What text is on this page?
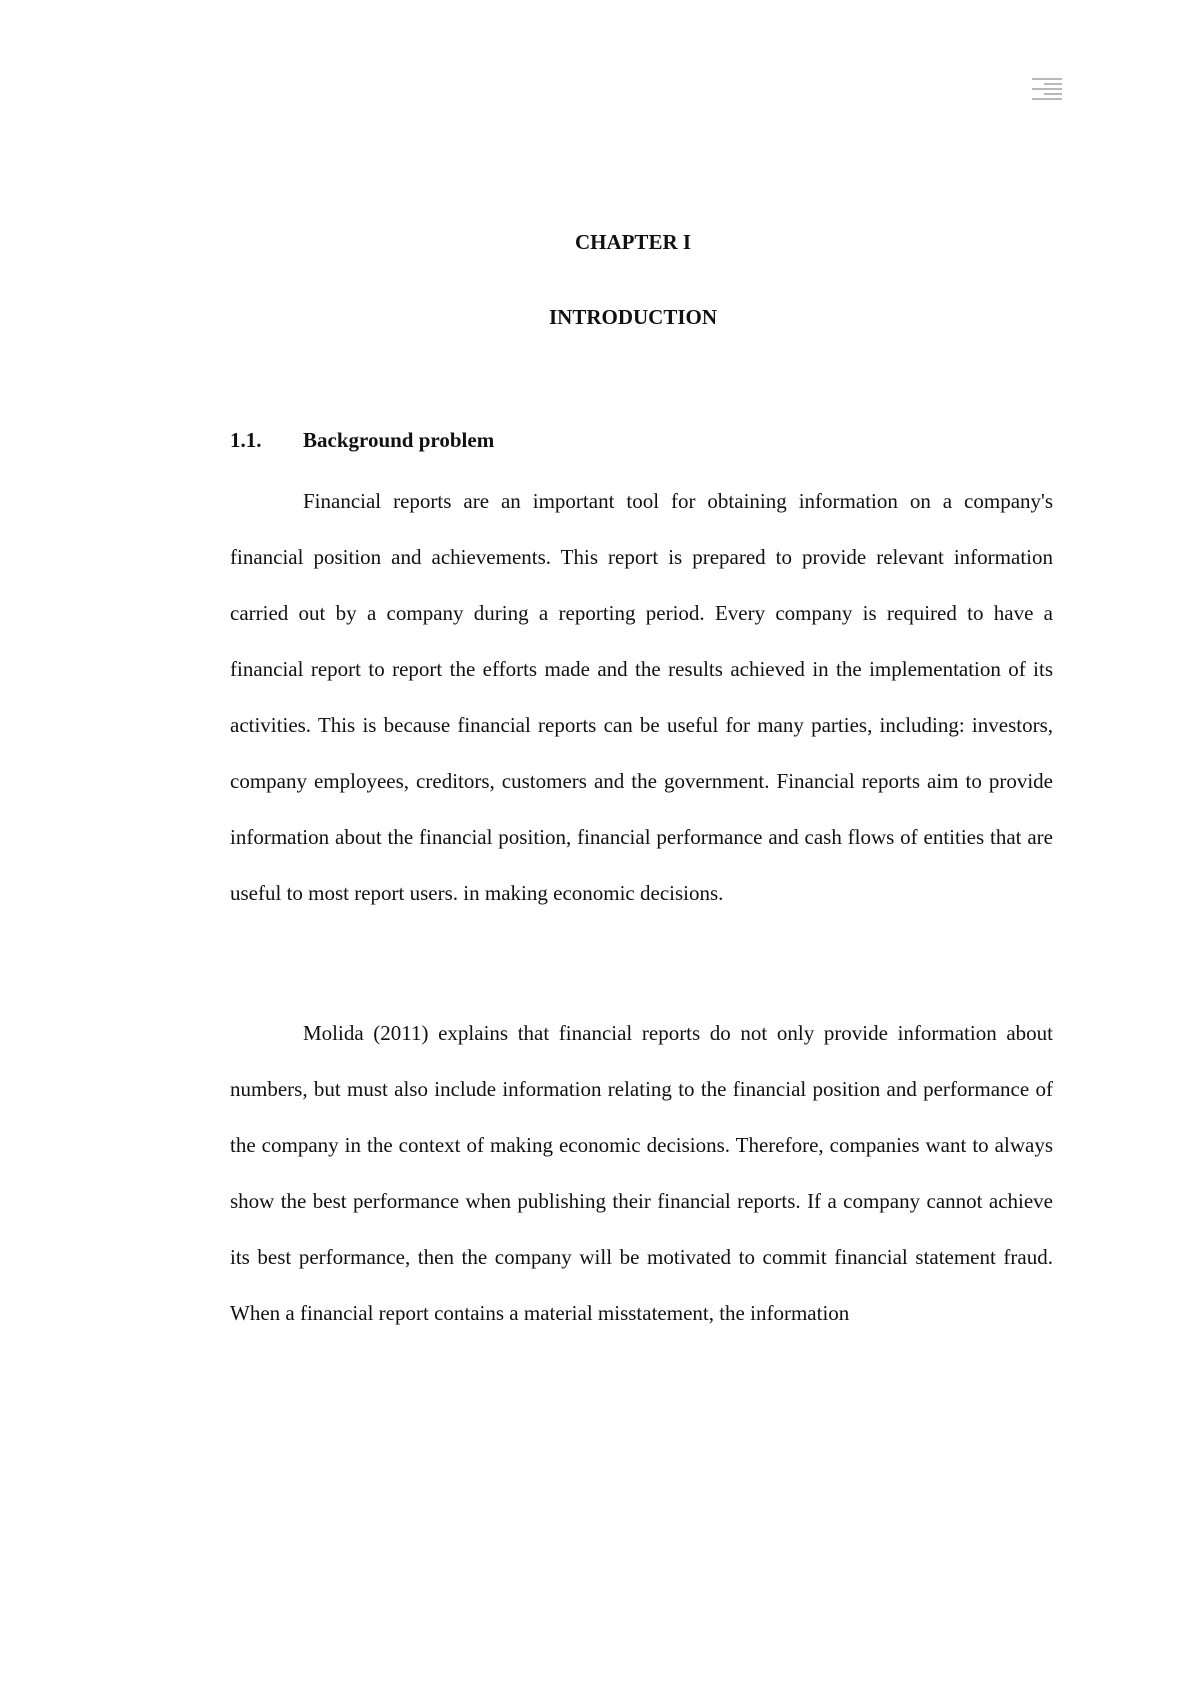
CHAPTER I
INTRODUCTION
1.1. Background problem

Financial reports are an important tool for obtaining information on a company's financial position and achievements. This report is prepared to provide relevant information carried out by a company during a reporting period. Every company is required to have a financial report to report the efforts made and the results achieved in the implementation of its activities. This is because financial reports can be useful for many parties, including: investors, company employees, creditors, customers and the government. Financial reports aim to provide information about the financial position, financial performance and cash flows of entities that are useful to most report users. in making economic decisions.

Molida (2011) explains that financial reports do not only provide information about numbers, but must also include information relating to the financial position and performance of the company in the context of making economic decisions. Therefore, companies want to always show the best performance when publishing their financial reports. If a company cannot achieve its best performance, then the company will be motivated to commit financial statement fraud. When a financial report contains a material misstatement, the information
